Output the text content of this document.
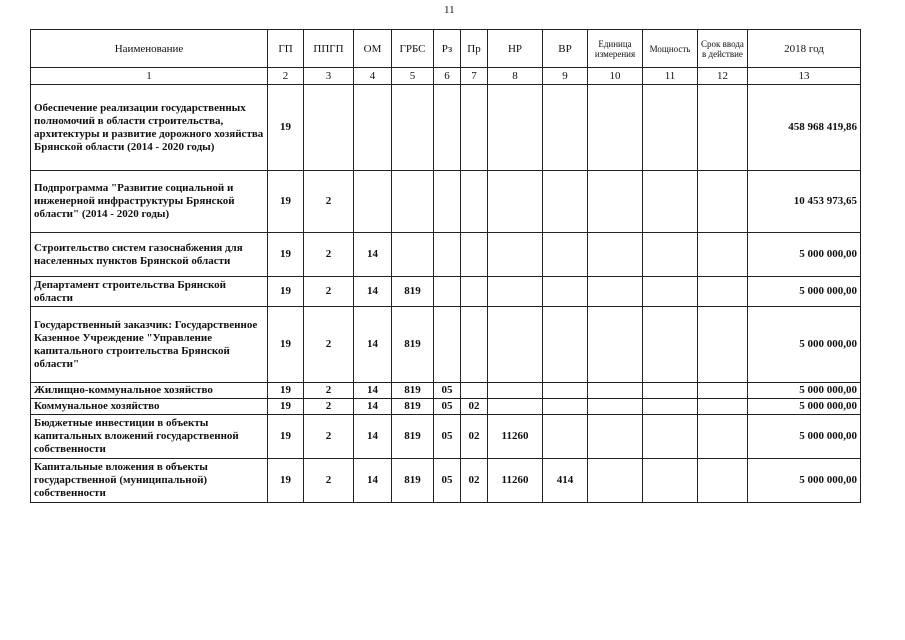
11
Наименование	ГП	ППГП	ОМ	ГРБС	Рз	Пр	НР	ВР	Единица измерения	Мощность	Срок ввода в действие	2018 год
1	2	3	4	5	6	7	8	9	10	11	12	13
Обеспечение реализации государственных полномочий в области строительства, архитектуры и развитие дорожного хозяйства Брянской области (2014 - 2020 годы)	19											458 968 419,86
Подпрограмма "Развитие социальной и инженерной инфраструктуры Брянской области" (2014 - 2020 годы)	19	2										10 453 973,65
Строительство систем газоснабжения для населенных пунктов Брянской области	19	2	14									5 000 000,00
Департамент строительства Брянской области	19	2	14	819								5 000 000,00
Государственный заказчик: Государственное Казенное Учреждение "Управление капитального строительства Брянской области"	19	2	14	819								5 000 000,00
Жилищно-коммунальное хозяйство	19	2	14	819	05							5 000 000,00
Коммунальное хозяйство	19	2	14	819	05	02						5 000 000,00
Бюджетные инвестиции в объекты капитальных вложений государственной собственности	19	2	14	819	05	02	11260					5 000 000,00
Капитальные вложения в объекты государственной (муниципальной) собственности	19	2	14	819	05	02	11260	414				5 000 000,00
